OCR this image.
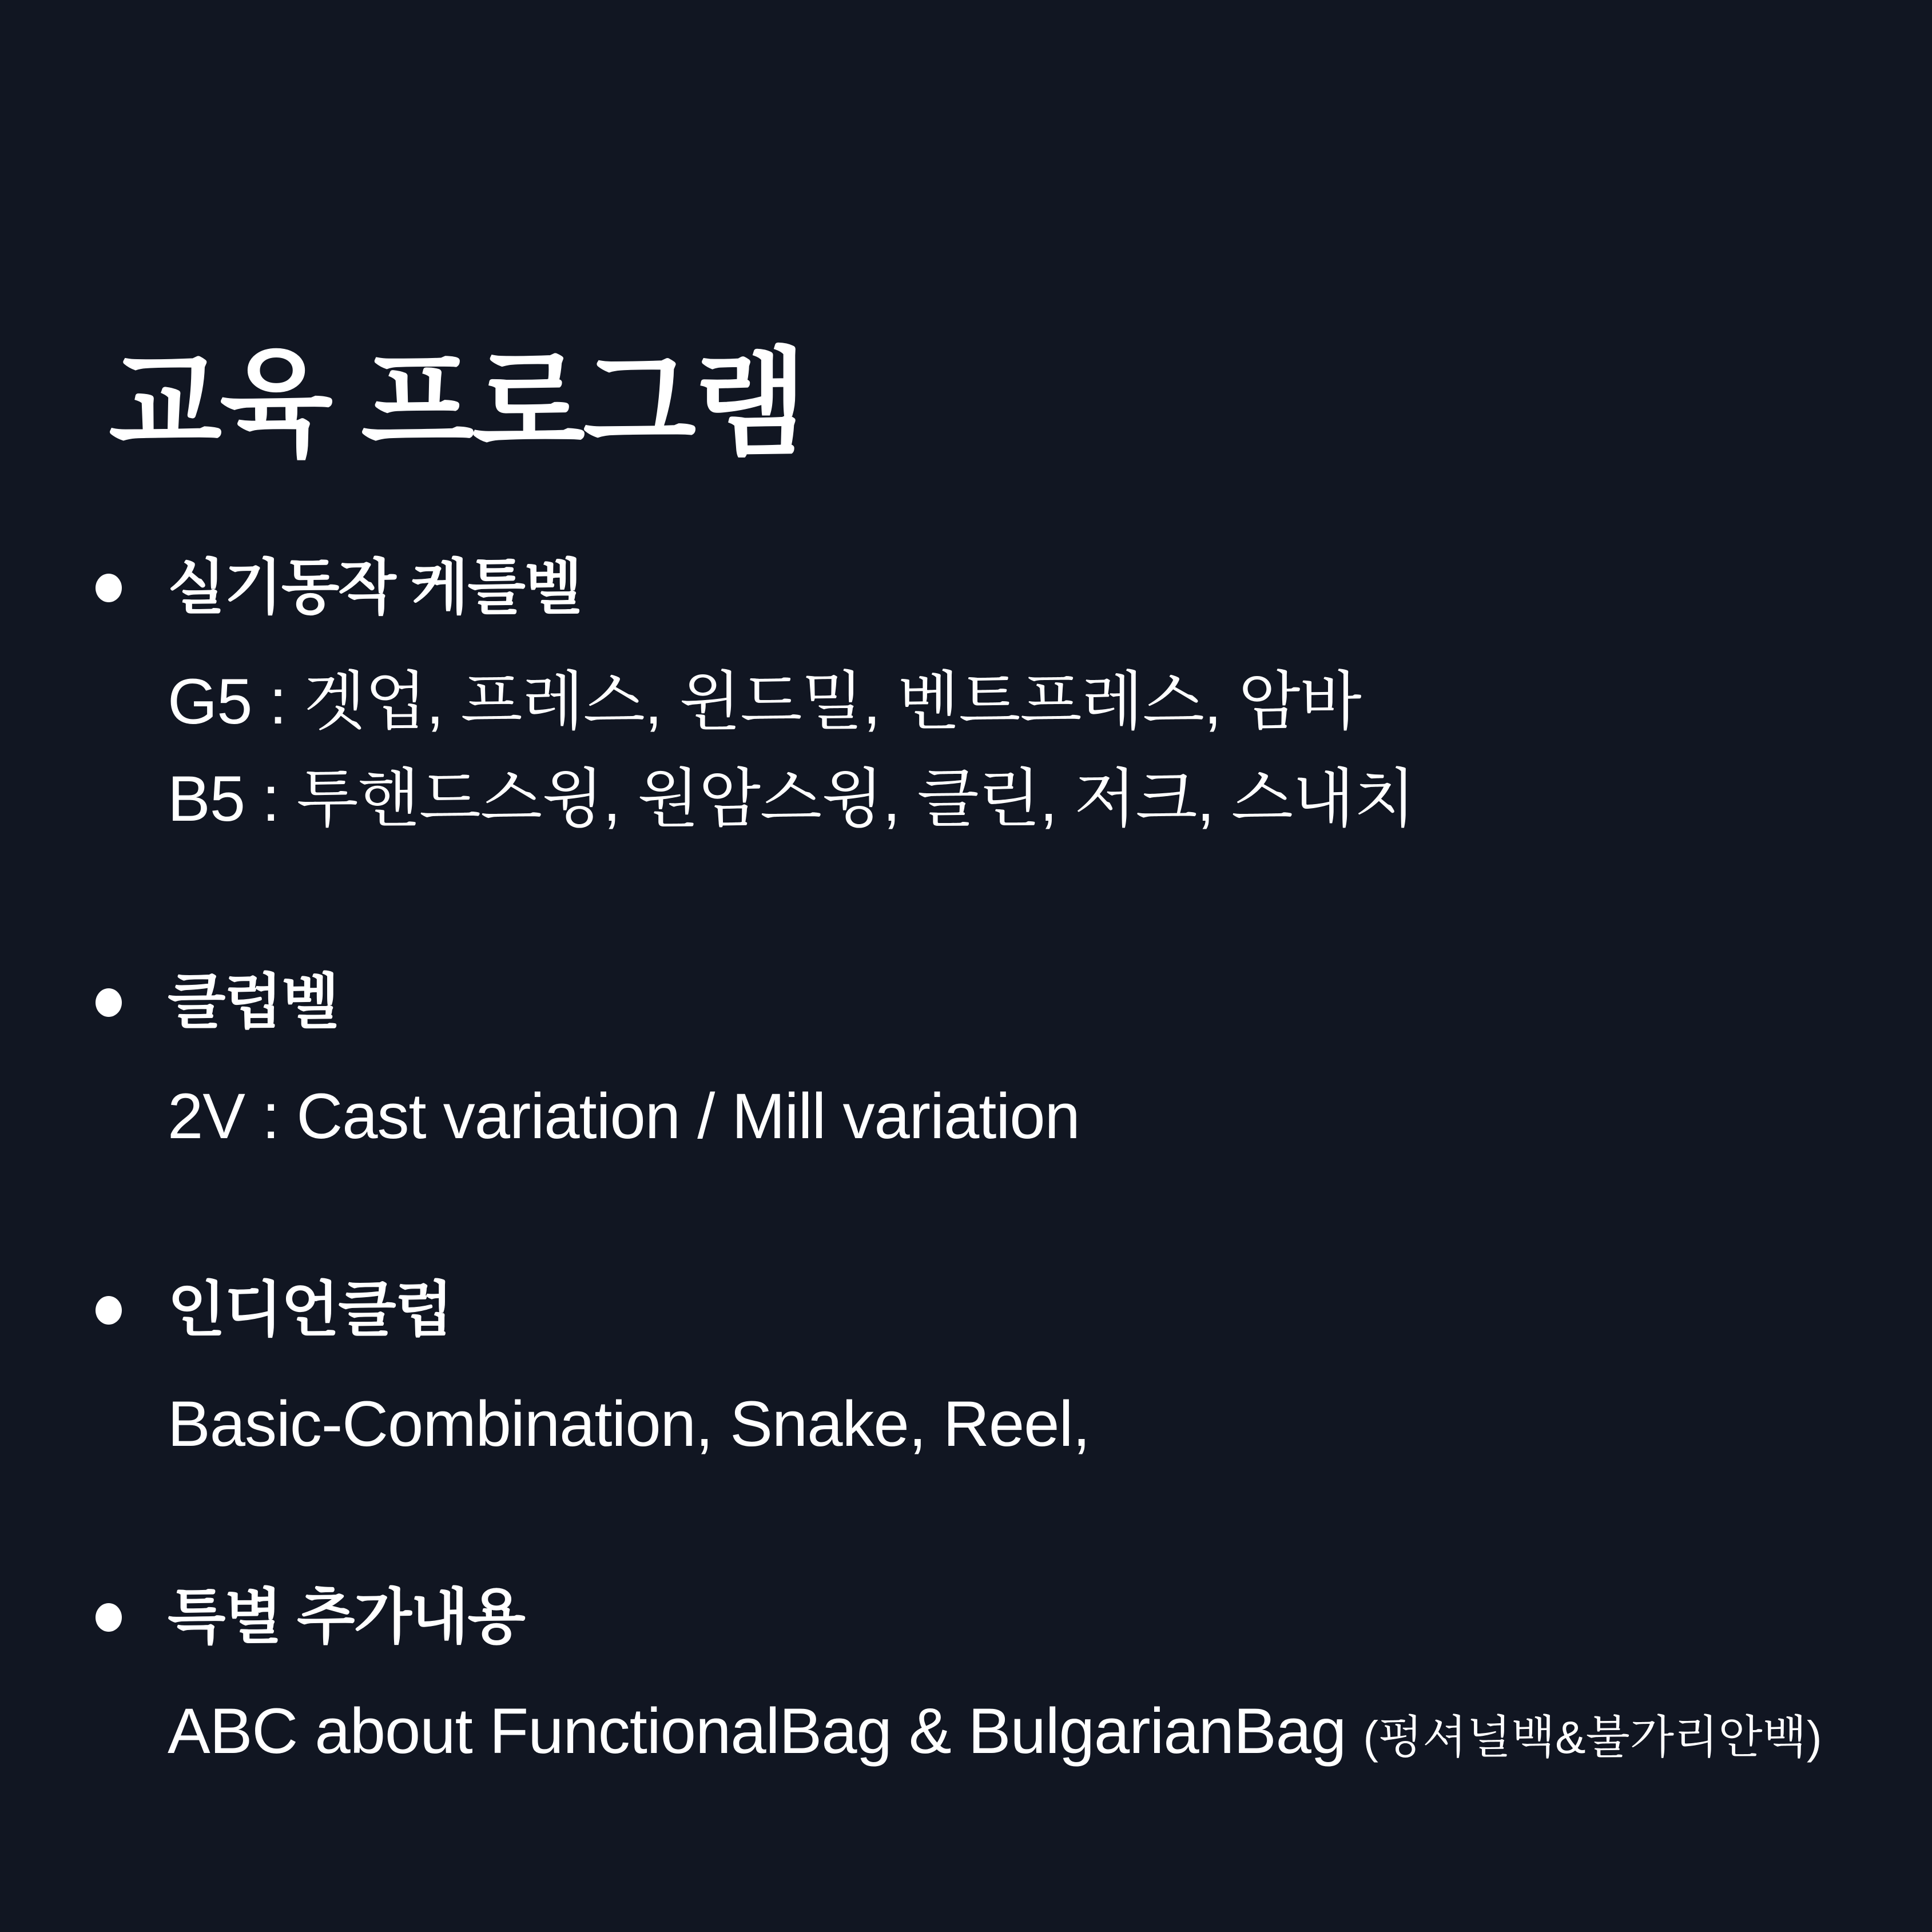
교육 프로그램
실기동작 케틀벨
G5 : 겟업, 프레스, 윈드밀, 벤트프레스, 암바
B5 : 투핸드스윙, 원암스윙, 클린, 저크, 스내치
클럽벨
2V : Cast variation / Mill variation
인디언클럽
Basic-Combination, Snake, Reel,
특별 추가내용
ABC about FunctionalBag & BulgarianBag (펑셔널백&불가리안백)
